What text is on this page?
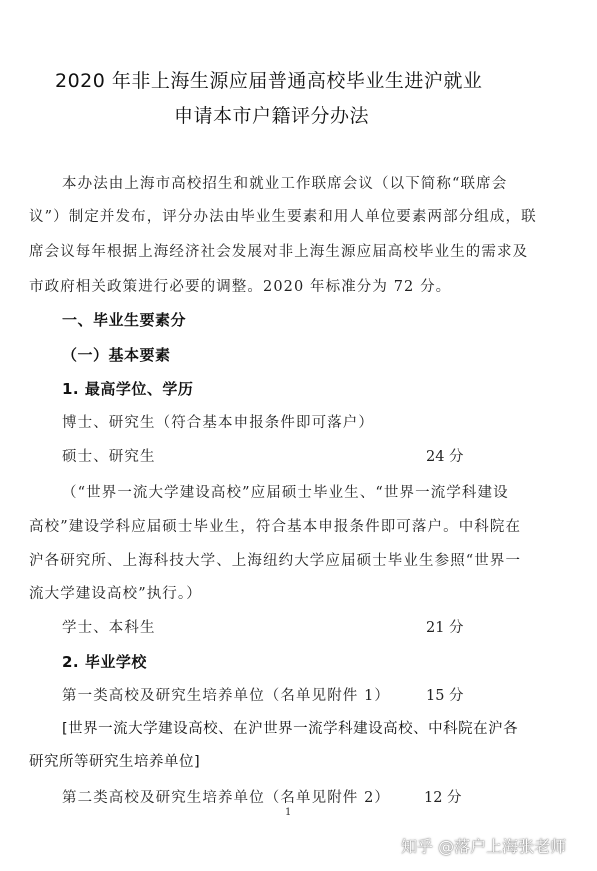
2020 年非上海生源应届普通高校毕业生进沪就业
申请本市户籍评分办法
本办法由上海市高校招生和就业工作联席会议（以下简称“联席会
议”）制定并发布，评分办法由毕业生要素和用人单位要素两部分组成，联
席会议每年根据上海经济社会发展对非上海生源应届高校毕业生的需求及
市政府相关政策进行必要的调整。2020 年标准分为 72 分。
一、毕业生要素分
（一）基本要素
1. 最高学位、学历
博士、研究生（符合基本申报条件即可落户）
硕士、研究生	24 分
（“世界一流大学建设高校”应届硕士毕业生、“世界一流学科建设
高校”建设学科应届硕士毕业生，符合基本申报条件即可落户。中科院在
沪各研究所、上海科技大学、上海纽约大学应届硕士毕业生参照“世界一
流大学建设高校”执行。）
学士、本科生	21 分
2. 毕业学校
第一类高校及研究生培养单位（名单见附件 1） 15 分
[世界一流大学建设高校、在沪世界一流学科建设高校、中科院在沪各
研究所等研究生培养单位]
第二类高校及研究生培养单位（名单见附件 2） 12 分
1
知乎 @落户上海张老师
